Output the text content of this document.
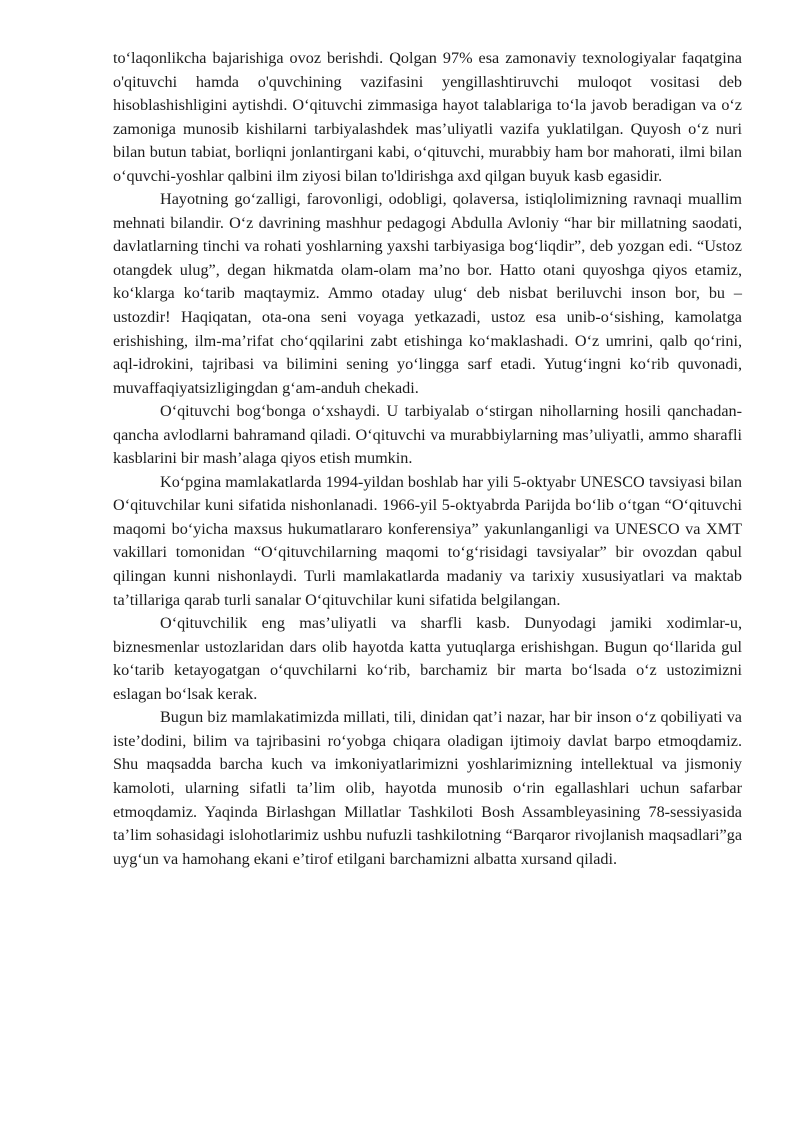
to‘laqonlikcha bajarishiga ovoz berishdi. Qolgan 97% esa zamonaviy texnologiyalar faqatgina o'qituvchi hamda o'quvchining vazifasini yengillashtiruvchi muloqot vositasi deb hisoblashishligini aytishdi. O‘qituvchi zimmasiga hayot talablariga to‘la javob beradigan va o‘z zamoniga munosib kishilarni tarbiyalashdek mas’uliyatli vazifa yuklatilgan. Quyosh o‘z nuri bilan butun tabiat, borliqni jonlantirgani kabi, o‘qituvchi, murabbiy ham bor mahorati, ilmi bilan o‘quvchi-yoshlar qalbini ilm ziyosi bilan to'ldirishga axd qilgan buyuk kasb egasidir.

Hayotning go‘zalligi, farovonligi, odobligi, qolaversa, istiqlolimizning ravnaqi muallim mehnati bilandir. O‘z davrining mashhur pedagogi Abdulla Avloniy “har bir millatning saodati, davlatlarning tinchi va rohati yoshlarning yaxshi tarbiyasiga bog‘liqdir”, deb yozgan edi. “Ustoz otangdek ulug”, degan hikmatda olam-olam ma’no bor. Hatto otani quyoshga qiyos etamiz, ko‘klarga ko‘tarib maqtaymiz. Ammo otaday ulug‘ deb nisbat beriluvchi inson bor, bu – ustozdir! Haqiqatan, ota-ona seni voyaga yetkazadi, ustoz esa unib-o‘sishing, kamolatga erishishing, ilm-ma’rifat cho‘qqilarini zabt etishinga ko‘maklashadi. O‘z umrini, qalb qo‘rini, aql-idrokini, tajribasi va bilimini sening yo‘lingga sarf etadi. Yutug‘ingni ko‘rib quvonadi, muvaffaqiyatsizligingdan g‘am-anduh chekadi.

O‘qituvchi bog‘bonga o‘xshaydi. U tarbiyalab o‘stirgan nihollarning hosili qanchadan-qancha avlodlarni bahramand qiladi. O‘qituvchi va murabbiylarning mas’uliyatli, ammo sharafli kasblarini bir mash’alaga qiyos etish mumkin.

Ko‘pgina mamlakatlarda 1994-yildan boshlab har yili 5-oktyabr UNESCO tavsiyasi bilan O‘qituvchilar kuni sifatida nishonlanadi. 1966-yil 5-oktyabrda Parijda bo‘lib o‘tgan “O‘qituvchi maqomi bo‘yicha maxsus hukumatlararo konferensiya” yakunlanganligi va UNESCO va XMT vakillari tomonidan “O‘qituvchilarning maqomi to‘g‘risidagi tavsiyalar” bir ovozdan qabul qilingan kunni nishonlaydi. Turli mamlakatlarda madaniy va tarixiy xususiyatlari va maktab ta’tillariga qarab turli sanalar O‘qituvchilar kuni sifatida belgilangan.

O‘qituvchilik eng mas’uliyatli va sharfli kasb. Dunyodagi jamiki xodimlar-u, biznesmenlar ustozlaridan dars olib hayotda katta yutuqlarga erishishgan. Bugun qo‘llarida gul ko‘tarib ketayogatgan o‘quvchilarni ko‘rib, barchamiz bir marta bo‘lsada o‘z ustozimizni eslagan bo‘lsak kerak.

Bugun biz mamlakatimizda millati, tili, dinidan qat’i nazar, har bir inson o‘z qobiliyati va iste’dodini, bilim va tajribasini ro‘yobga chiqara oladigan ijtimoiy davlat barpo etmoqdamiz. Shu maqsadda barcha kuch va imkoniyatlarimizni yoshlarimizning intellektual va jismoniy kamoloti, ularning sifatli ta’lim olib, hayotda munosib o‘rin egallashlari uchun safarbar etmoqdamiz. Yaqinda Birlashgan Millatlar Tashkiloti Bosh Assambleyasining 78-sessiyasida ta’lim sohasidagi islohotlarimiz ushbu nufuzli tashkilotning “Barqaror rivojlanish maqsadlari”ga uyg‘un va hamohang ekani e’tirof etilgani barchamizni albatta xursand qiladi.
